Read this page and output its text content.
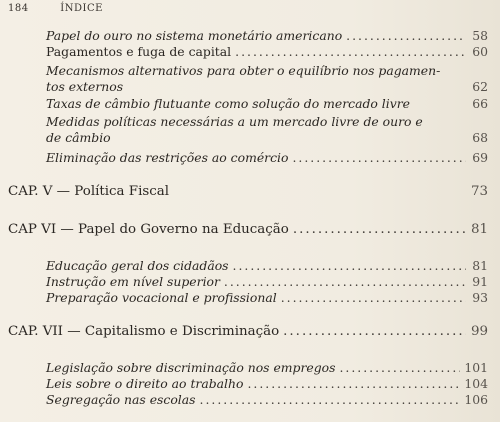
184	ÍNDICE
Papel do ouro no sistema monetário americano .....	58
Pagamentos e fuga de capital .....	60
Mecanismos alternativos para obter o equilíbrio nos pagamen-
tos externos	62
Taxas de câmbio flutuante como solução do mercado livre	66
Medidas políticas necessárias a um mercado livre de ouro e
de câmbio	68
Eliminação das restrições ao comércio .....	69
CAP. V — Política Fiscal	73
CAP VI — Papel do Governo na Educação .....	81
Educação geral dos cidadãos .....	81
Instrução em nível superior .....	91
Preparação vocacional e profissional .....	93
CAP. VII — Capitalismo e Discriminação .....	99
Legislação sobre discriminação nos empregos .....	101
Leis sobre o direito ao trabalho .....	104
Segregação nas escolas .....	106
